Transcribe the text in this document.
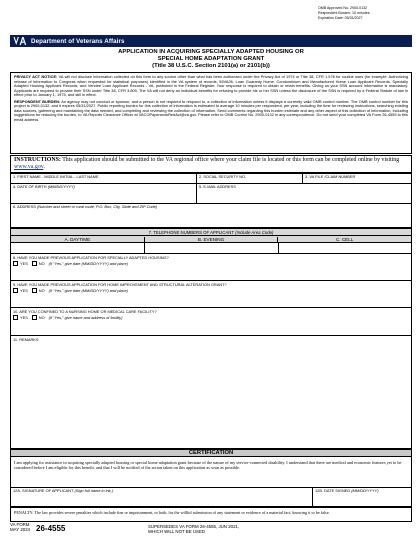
OMB Approved No. 2900-0132
Respondent Burden: 10 minutes
Expiration Date: 05/31/2027
Department of Veterans Affairs
APPLICATION IN ACQUIRING SPECIALLY ADAPTED HOUSING OR
SPECIAL HOME ADAPTATION GRANT
(Title 38 U.S.C. Section 2101(a) or 2101(b))

PRIVACY ACT NOTICE: VA will not disclose information collected on this form to any source other than what has been authorized under the Privacy Act of 1974 or Title 38, CFR 1.576 for routine uses (for example: Authorizing release of information to Congress when requested for statistical purposes) identified in the VA system of records, 55VA26, Loan Guaranty Home, Condominium and Manufactured Home Loan Applicant Records, Specially Adapted Housing Applicant Records, and Vendee Loan Applicant Records - VA, published in the Federal Register. Your response is required to obtain or retain benefits. Giving us your SSN account information is mandatory. Applicants are required to provide their SSN under Title 38, CFR 3.809. The VA will not deny an individual benefits for refusing to provide his or her SSN unless the disclosure of the SSN is required by a Federal Statute of law in effect prior to January 1, 1975, and still in effect.

RESPONDENT BURDEN: An agency may not conduct or sponsor, and a person is not required to respond to, a collection of information unless it displays a currently valid OMB control number. The OMB control number for this project is 2900-0132, and it expires 05/31/2027. Public reporting burden for this collection of information is estimated to average 10 minutes per respondent, per year, including the time for reviewing instructions, searching existing data sources, gathering and maintaining the data needed, and completing and reviewing the collection of information. Send comments regarding this burden estimate and any other aspect of this collection of information, including suggestions for reducing the burden, to VA Reports Clearance Officer at VACOPaperworkRedAct@va.gov. Please refer to OMB Control No. 2900-0132 in any correspondence. Do not send your completed VA Form 26-4555 to this email address.

INSTRUCTIONS: This application should be submitted to the VA regional office where your claim file is located or this form can be completed online by visiting www.va.gov.
1. FIRST NAME - MIDDLE INITIAL - LAST NAME	2. SOCIAL SECURITY NO.	3. VA FILE /CLAIM NUMBER
4. DATE OF BIRTH (MM/DD/YYYY)	5. E-MAIL ADDRESS
6. ADDRESS (Number and street or rural route, P.O. Box, City, State and ZIP Code)
7. TELEPHONE NUMBERS OF APPLICANT (Include Area Code)
A. DAYTIME	B. EVENING	C. CELL
8. HAVE YOU MADE PREVIOUS APPLICATION FOR SPECIALLY ADAPTED HOUSING?
YES	NO (If "Yes," give date (MM/DD/YYYY) and place)
9. HAVE YOU MADE PREVIOUS APPLICATION FOR HOME IMPROVEMENT AND STRUCTURAL ALTERATION GRANT?
YES	NO (If "Yes," give date (MM/DD/YYYY) and place)
10. ARE YOU CONFINED TO A NURSING HOME OR MEDICAL CARE FACILITY?
YES	NO (If "Yes," give name and address of facility)
11. REMARKS
CERTIFICATION
I am applying for assistance in acquiring specially adapted housing or special home adaptation grant because of the nature of my service-connected disability. I understand that there are medical and economic features yet to be considered before I am eligible for this benefit, and that I will be notified of the action taken on this application as soon as possible.
12A. SIGNATURE OF APPLICANT (Sign full name in ink.)	12B. DATE SIGNED (MM/DD/YYYY)
PENALTY: The law provides severe penalties which include fine or imprisonment, or both, for the willful submission of any statement or evidence of a material fact, knowing it to be false.
VA FORM
MAY 2024 26-4555	SUPERSEDES VA FORM 26-4555, JUN 2021,
WHICH WILL NOT BE USED
